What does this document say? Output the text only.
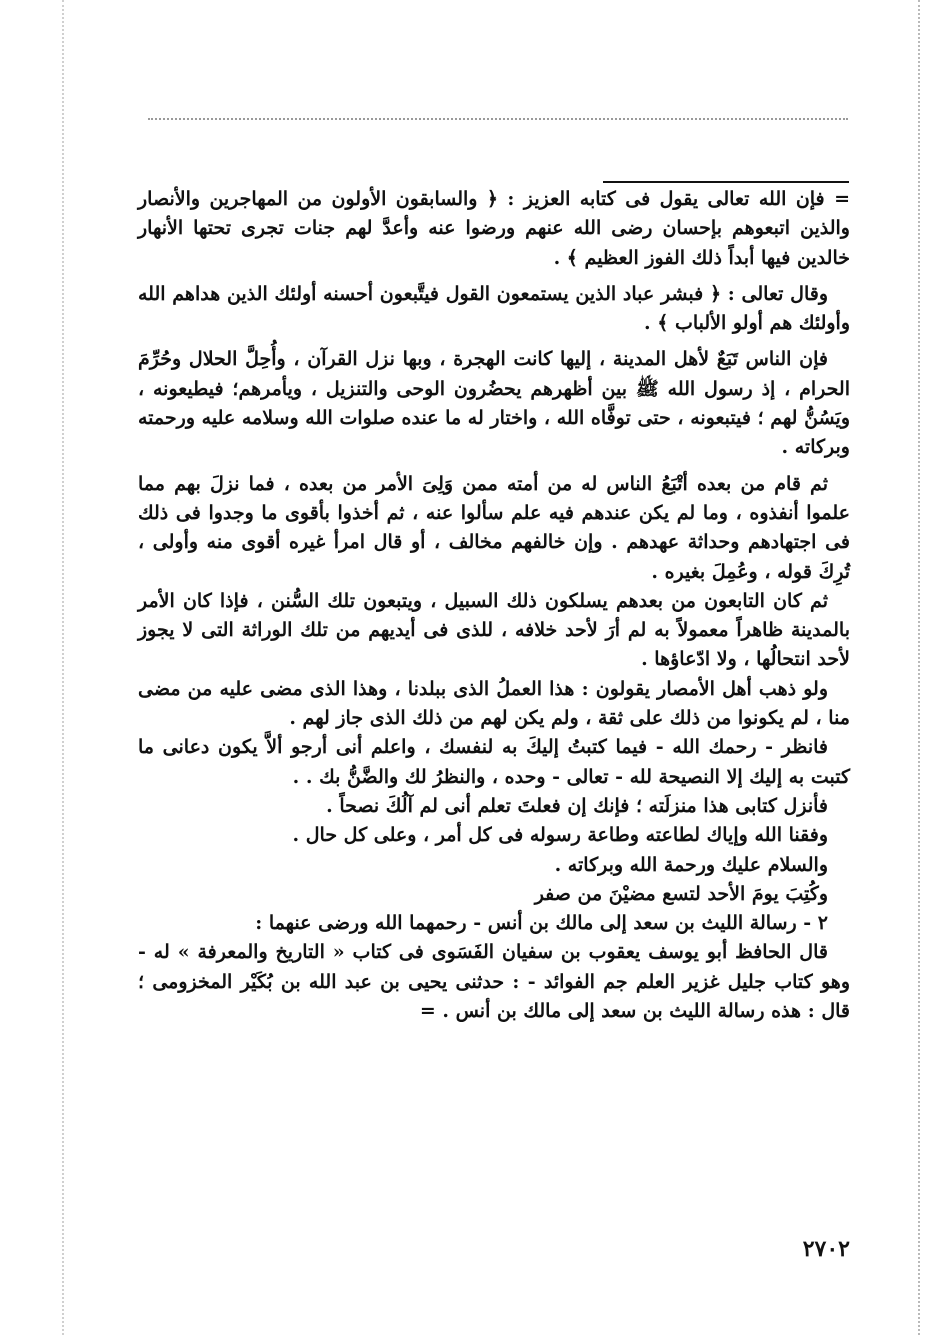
= فإن الله تعالى يقول فى كتابه العزيز : ﴿ والسابقون الأولون من المهاجرين والأنصار والذين اتبعوهم بإحسان رضى الله عنهم ورضوا عنه وأعدَّ لهم جنات تجرى تحتها الأنهار خالدين فيها أبداً ذلك الفوز العظيم ﴾ .

وقال تعالى : ﴿ فبشر عباد الذين يستمعون القول فيتَّبعون أحسنه أولئك الذين هداهم الله وأولئك هم أولو الألباب ﴾ .

فإن الناس تَبَعٌ لأهل المدينة ، إليها كانت الهجرة ، وبها نزل القرآن ، وأُحِلَّ الحلال وحُرِّمَ الحرام ، إذ رسول الله ﷺ بين أظهرهم يحضُرون الوحى والتنزيل ، ويأمرهم؛ فيطيعونه ، ويَسُنُّ لهم ؛ فيتبعونه ، حتى توفَّاه الله ، واختار له ما عنده صلوات الله وسلامه عليه ورحمته وبركاته .

ثم قام من بعده أتْبَعُ الناس له من أمته ممن وَلِىَ الأمر من بعده ، فما نزلَ بهم مما علموا أنفذوه ، وما لم يكن عندهم فيه علم سألوا عنه ، ثم أخذوا بأقوى ما وجدوا فى ذلك فى اجتهادهم وحداثة عهدهم . وإن خالفهم مخالف ، أو قال امرأ غيره أقوى منه وأولى ، تُرِكَ قوله ، وعُمِلَ بغيره .

ثم كان التابعون من بعدهم يسلكون ذلك السبيل ، ويتبعون تلك السُّنن ، فإذا كان الأمر بالمدينة ظاهراً معمولاً به لم أرَ لأحد خلافه ، للذى فى أيديهم من تلك الوراثة التى لا يجوز لأحد انتحالُها ، ولا ادّعاؤها .

ولو ذهب أهل الأمصار يقولون : هذا العملُ الذى ببلدنا ، وهذا الذى مضى عليه من مضى منا ، لم يكونوا من ذلك على ثقة ، ولم يكن لهم من ذلك الذى جاز لهم .

فانظر - رحمك الله - فيما كتبتُ إليكَ به لنفسك ، واعلم أنى أرجو ألاَّ يكون دعانى ما كتبت به إليك إلا النصيحة لله - تعالى - وحده ، والنظرُ لك والضَّنُّ بك . .

فأنزل كتابى هذا منزلَته ؛ فإنك إن فعلتَ تعلم أنى لم آلُكَ نصحاً .

وفقنا الله وإياك لطاعته وطاعة رسوله فى كل أمر ، وعلى كل حال .

والسلام عليك ورحمة الله وبركاته .

وكُتِبَ يومَ الأحد لتسع مضيْنَ من صفر

٢ - رسالة الليث بن سعد إلى مالك بن أنس - رحمهما الله ورضى عنهما :

قال الحافظ أبو يوسف يعقوب بن سفيان الفَسَوى فى كتاب « التاريخ والمعرفة » له - وهو كتاب جليل غزير العلم جم الفوائد - : حدثنى يحيى بن عبد الله بن بُكَيْر المخزومى ؛ قال : هذه رسالة الليث بن سعد إلى مالك بن أنس . =

٢٧٠٢
